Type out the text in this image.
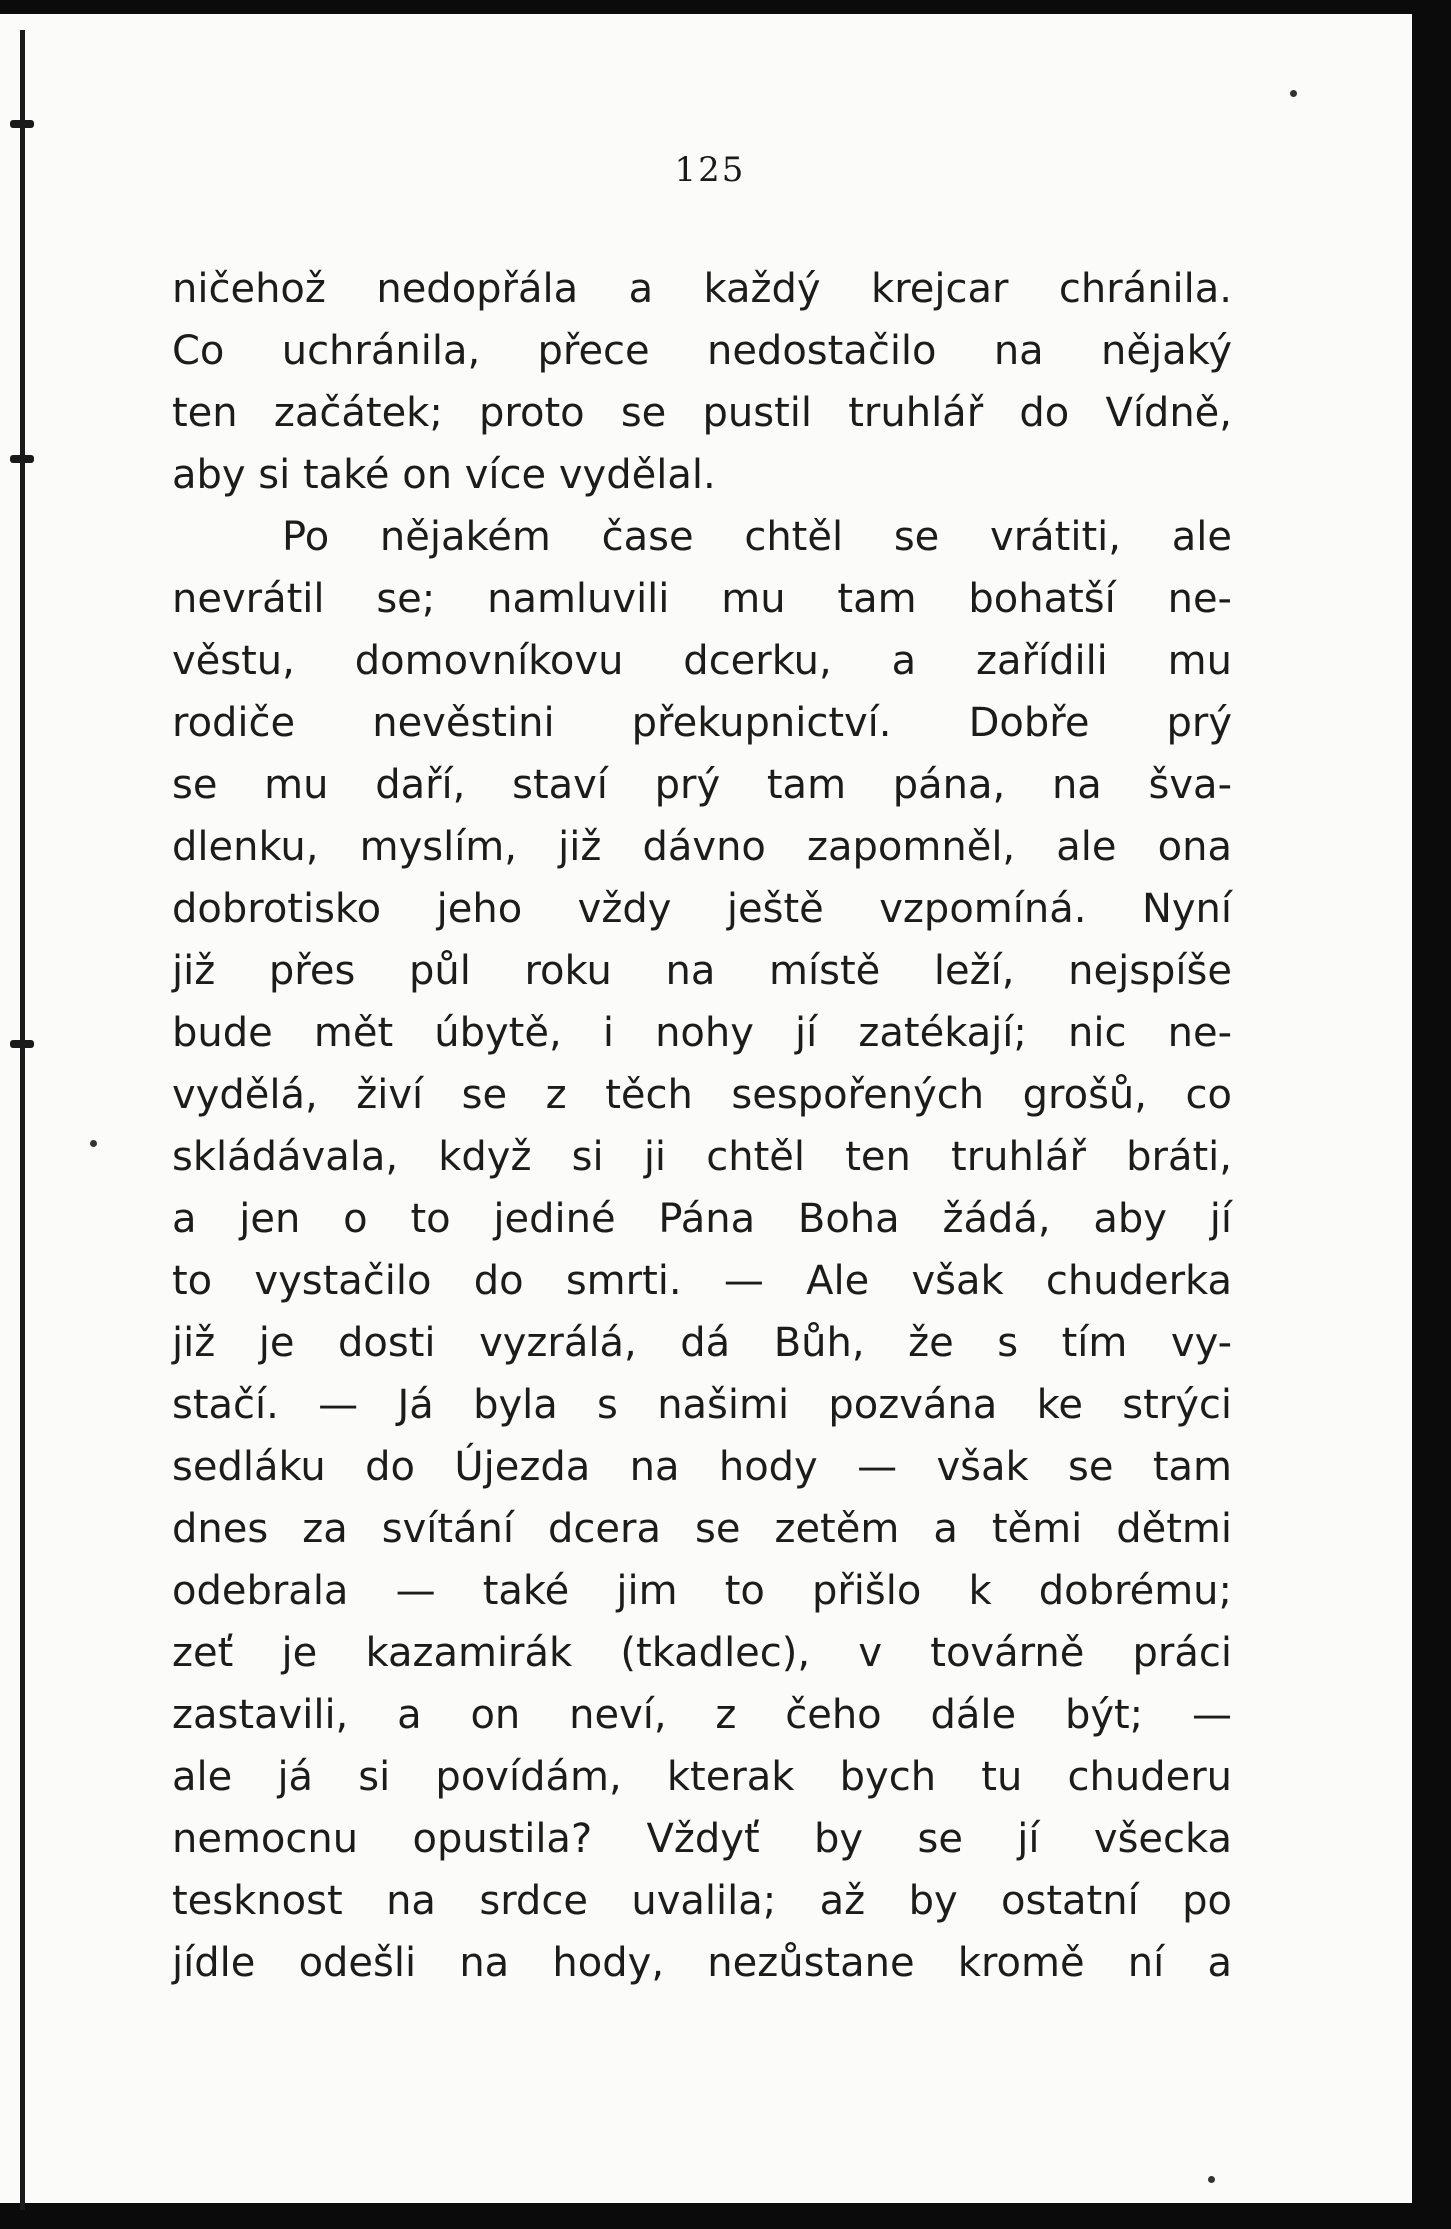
125
ničehož nedopřála a každý krejcar chránila.
Co uchránila, přece nedostačilo na nějaký
ten začátek; proto se pustil truhlář do Vídně,
aby si také on více vydělal.
Po nějakém čase chtěl se vrátiti, ale
nevrátil se; namluvili mu tam bohatší ne-
věstu, domovníkovu dcerku, a zařídili mu
rodiče nevěstini překupnictví. Dobře prý
se mu daří, staví prý tam pána, na šva-
dlenku, myslím, již dávno zapomněl, ale ona
dobrotisko jeho vždy ještě vzpomíná. Nyní
již přes půl roku na místě leží, nejspíše
bude mět úbytě, i nohy jí zatékají; nic ne-
vydělá, živí se z těch sespořených grošů, co
skládávala, když si ji chtěl ten truhlář bráti,
a jen o to jediné Pána Boha žádá, aby jí
to vystačilo do smrti. — Ale však chuderka
již je dosti vyzrálá, dá Bůh, že s tím vy-
stačí. — Já byla s našimi pozvána ke strýci
sedláku do Újezda na hody — však se tam
dnes za svítání dcera se zetěm a těmi dětmi
odebrala — také jim to přišlo k dobrému;
zeť je kazamirák (tkadlec), v továrně práci
zastavili, a on neví, z čeho dále být; —
ale já si povídám, kterak bych tu chuderu
nemocnu opustila? Vždyť by se jí všecka
tesknost na srdce uvalila; až by ostatní po
jídle odešli na hody, nezůstane kromě ní a
